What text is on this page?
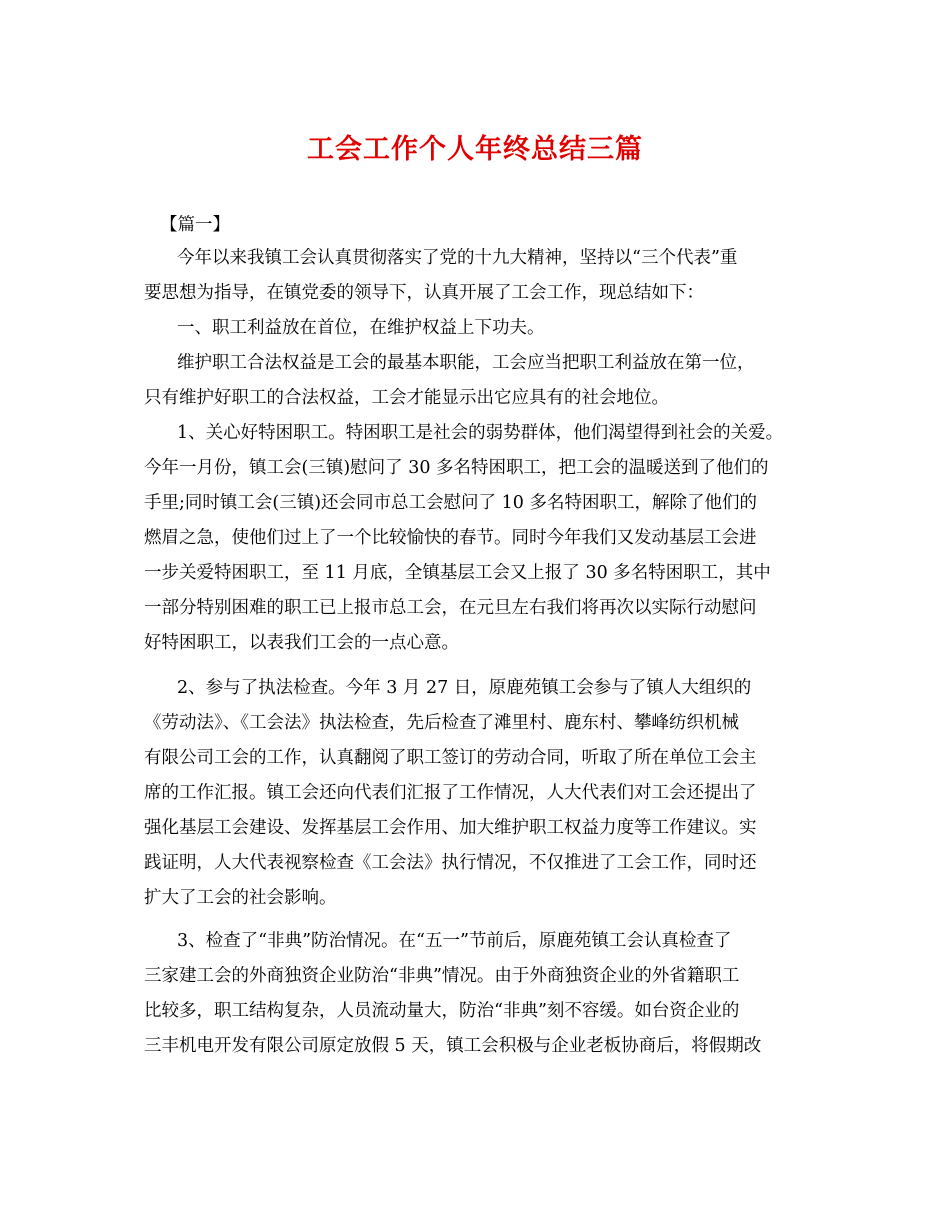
工会工作个人年终总结三篇

【篇一】

今年以来我镇工会认真贯彻落实了党的十九大精神，坚持以“三个代表”重

要思想为指导，在镇党委的领导下，认真开展了工会工作，现总结如下：

一、职工利益放在首位，在维护权益上下功夫。

维护职工合法权益是工会的最基本职能，工会应当把职工利益放在第一位，

只有维护好职工的合法权益，工会才能显示出它应具有的社会地位。

1、关心好特困职工。特困职工是社会的弱势群体，他们渴望得到社会的关爱。

今年一月份，镇工会(三镇)慰问了 30 多名特困职工，把工会的温暖送到了他们的

手里;同时镇工会(三镇)还会同市总工会慰问了 10 多名特困职工，解除了他们的

燃眉之急，使他们过上了一个比较愉快的春节。同时今年我们又发动基层工会进

一步关爱特困职工，至 11 月底，全镇基层工会又上报了 30 多名特困职工，其中

一部分特别困难的职工已上报市总工会，在元旦左右我们将再次以实际行动慰问

好特困职工，以表我们工会的一点心意。

2、参与了执法检查。今年 3 月 27 日，原鹿苑镇工会参与了镇人大组织的

《劳动法》、《工会法》执法检查，先后检查了滩里村、鹿东村、攀峰纺织机械

有限公司工会的工作，认真翻阅了职工签订的劳动合同，听取了所在单位工会主

席的工作汇报。镇工会还向代表们汇报了工作情况，人大代表们对工会还提出了

强化基层工会建设、发挥基层工会作用、加大维护职工权益力度等工作建议。实

践证明，人大代表视察检查《工会法》执行情况，不仅推进了工会工作，同时还

扩大了工会的社会影响。

3、检查了“非典”防治情况。在“五一”节前后，原鹿苑镇工会认真检查了

三家建工会的外商独资企业防治“非典”情况。由于外商独资企业的外省籍职工

比较多，职工结构复杂，人员流动量大，防治“非典”刻不容缓。如台资企业的

三丰机电开发有限公司原定放假 5 天，镇工会积极与企业老板协商后，将假期改
